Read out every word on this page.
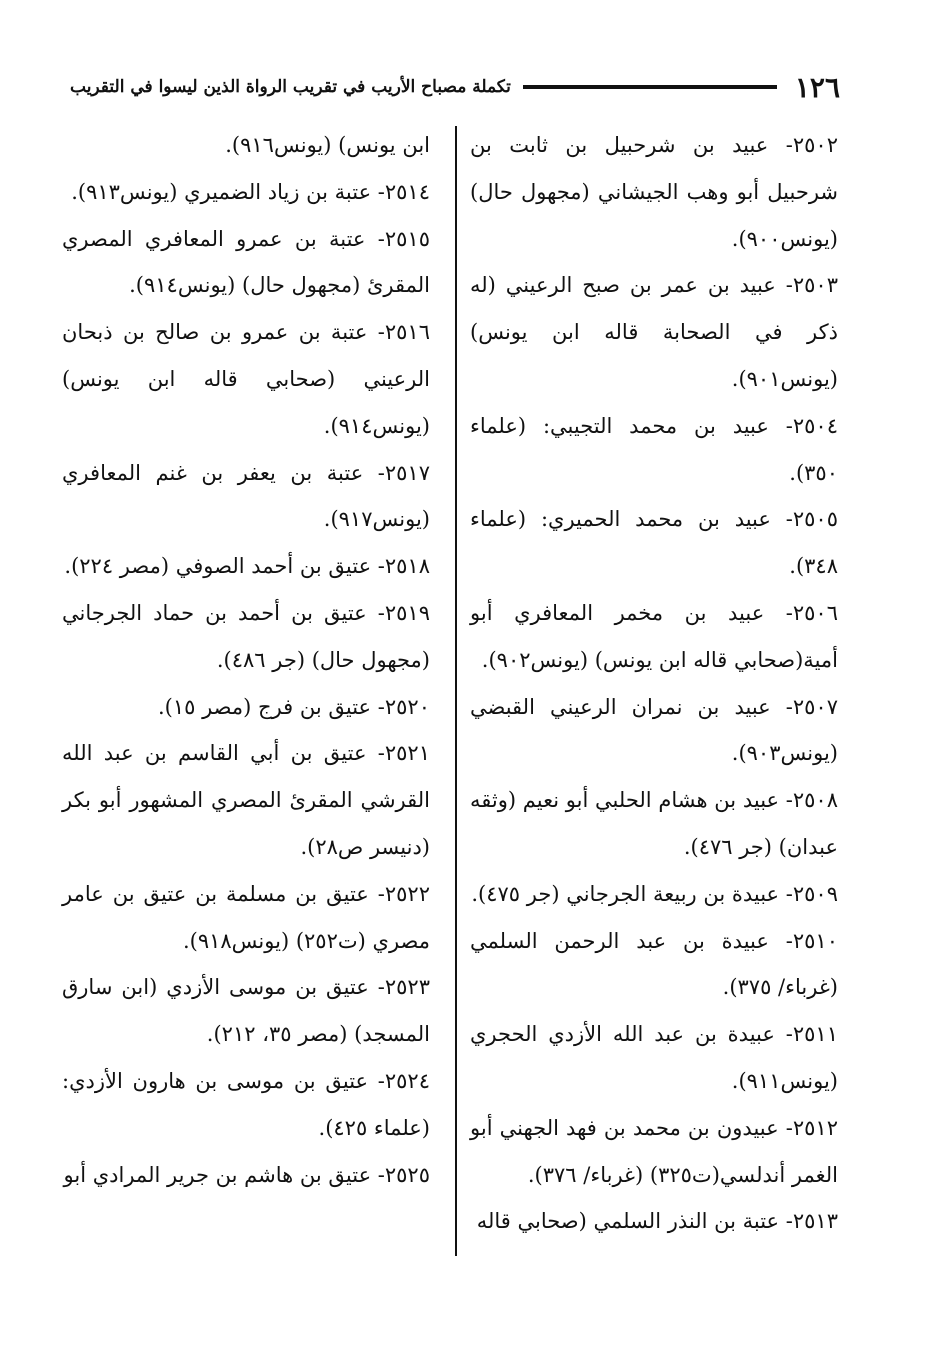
١٢٦
تكملة مصباح الأريب في تقريب الرواة الذين ليسوا في التقريب
٢٥٠٢- عبيد بن شرحبيل بن ثابت بن شرحبيل أبو وهب الجيشاني (مجهول حال) (يونس٩٠٠).
٢٥٠٣- عبيد بن عمر بن صبح الرعيني (له ذكر في الصحابة قاله ابن يونس) (يونس٩٠١).
٢٥٠٤- عبيد بن محمد التجيبي: (علماء ٣٥٠).
٢٥٠٥- عبيد بن محمد الحميري: (علماء ٣٤٨).
٢٥٠٦- عبيد بن مخمر المعافري أبو أمية(صحابي قاله ابن يونس) (يونس٩٠٢).
٢٥٠٧- عبيد بن نمران الرعيني القبضي (يونس٩٠٣).
٢٥٠٨- عبيد بن هشام الحلبي أبو نعيم (وثقه عبدان) (جر ٤٧٦).
٢٥٠٩- عبيدة بن ربيعة الجرجاني (جر ٤٧٥).
٢٥١٠- عبيدة بن عبد الرحمن السلمي (غرباء/ ٣٧٥).
٢٥١١- عبيدة بن عبد الله الأزدي الحجري (يونس٩١١).
٢٥١٢- عبيدون بن محمد بن فهد الجهني أبو الغمر أندلسي(ت٣٢٥) (غرباء/ ٣٧٦).
٢٥١٣- عتبة بن النذر السلمي (صحابي قاله
ابن يونس) (يونس٩١٦).
٢٥١٤- عتبة بن زياد الضميري (يونس٩١٣).
٢٥١٥- عتبة بن عمرو المعافري المصري المقرئ (مجهول حال) (يونس٩١٤).
٢٥١٦- عتبة بن عمرو بن صالح بن ذبحان الرعيني (صحابي قاله ابن يونس) (يونس٩١٤).
٢٥١٧- عتبة بن يعفر بن غنم المعافري (يونس٩١٧).
٢٥١٨- عتيق بن أحمد الصوفي (مصر ٢٢٤).
٢٥١٩- عتيق بن أحمد بن حماد الجرجاني (مجهول حال) (جر ٤٨٦).
٢٥٢٠- عتيق بن فرج (مصر ١٥).
٢٥٢١- عتيق بن أبي القاسم بن عبد الله القرشي المقرئ المصري المشهور أبو بكر (دنيسر ص٢٨).
٢٥٢٢- عتيق بن مسلمة بن عتيق بن عامر مصري (ت٢٥٢) (يونس٩١٨).
٢٥٢٣- عتيق بن موسى الأزدي (ابن سارق المسجد) (مصر ٣٥، ٢١٢).
٢٥٢٤- عتيق بن موسى بن هارون الأزدي: (علماء ٤٢٥).
٢٥٢٥- عتيق بن هاشم بن جرير المرادي أبو
